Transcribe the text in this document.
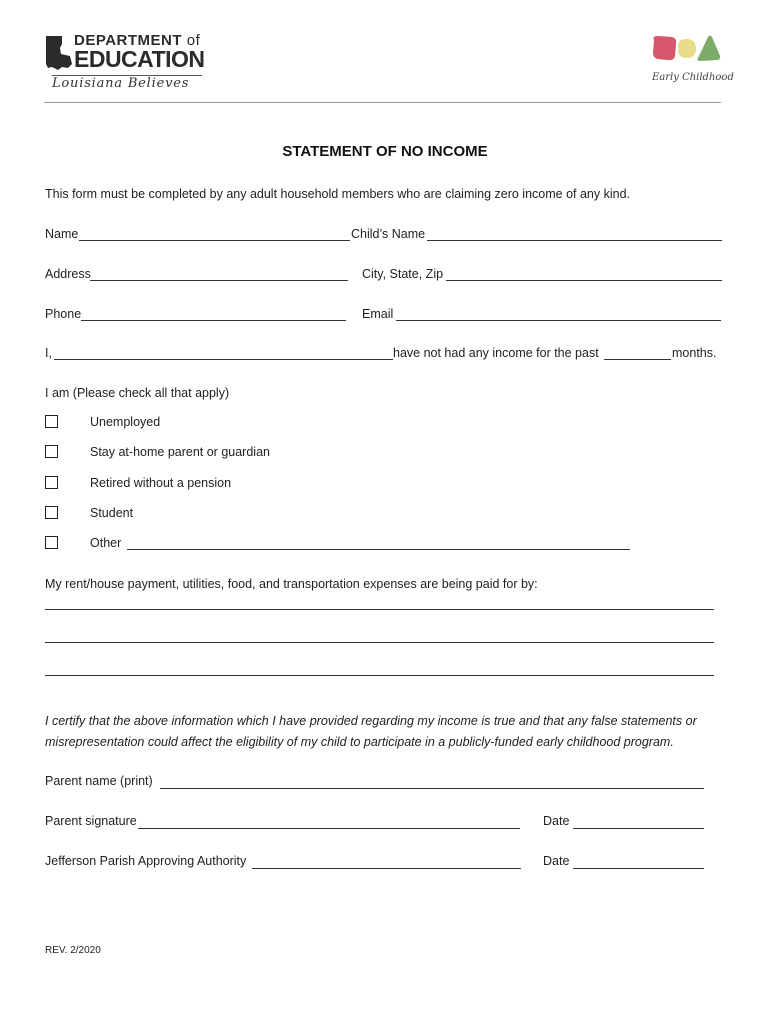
DEPARTMENT of
EDUCATION
Louisiana Believes	Early Childhood
STATEMENT OF NO INCOME
This form must be completed by any adult household members who are claiming zero income of any kind.
Name	Child’s Name
Address	City, State, Zip
Phone	Email
I,	have not had any income for the past	months.
I am (Please check all that apply)
Unemployed
Stay at-home parent or guardian
Retired without a pension
Student
Other
My rent/house payment, utilities, food, and transportation expenses are being paid for by:
I certify that the above information which I have provided regarding my income is true and that any false statements or
misrepresentation could affect the eligibility of my child to participate in a publicly-funded early childhood program.
Parent name (print)
Parent signature	Date
Jefferson Parish Approving Authority	Date
REV. 2/2020
